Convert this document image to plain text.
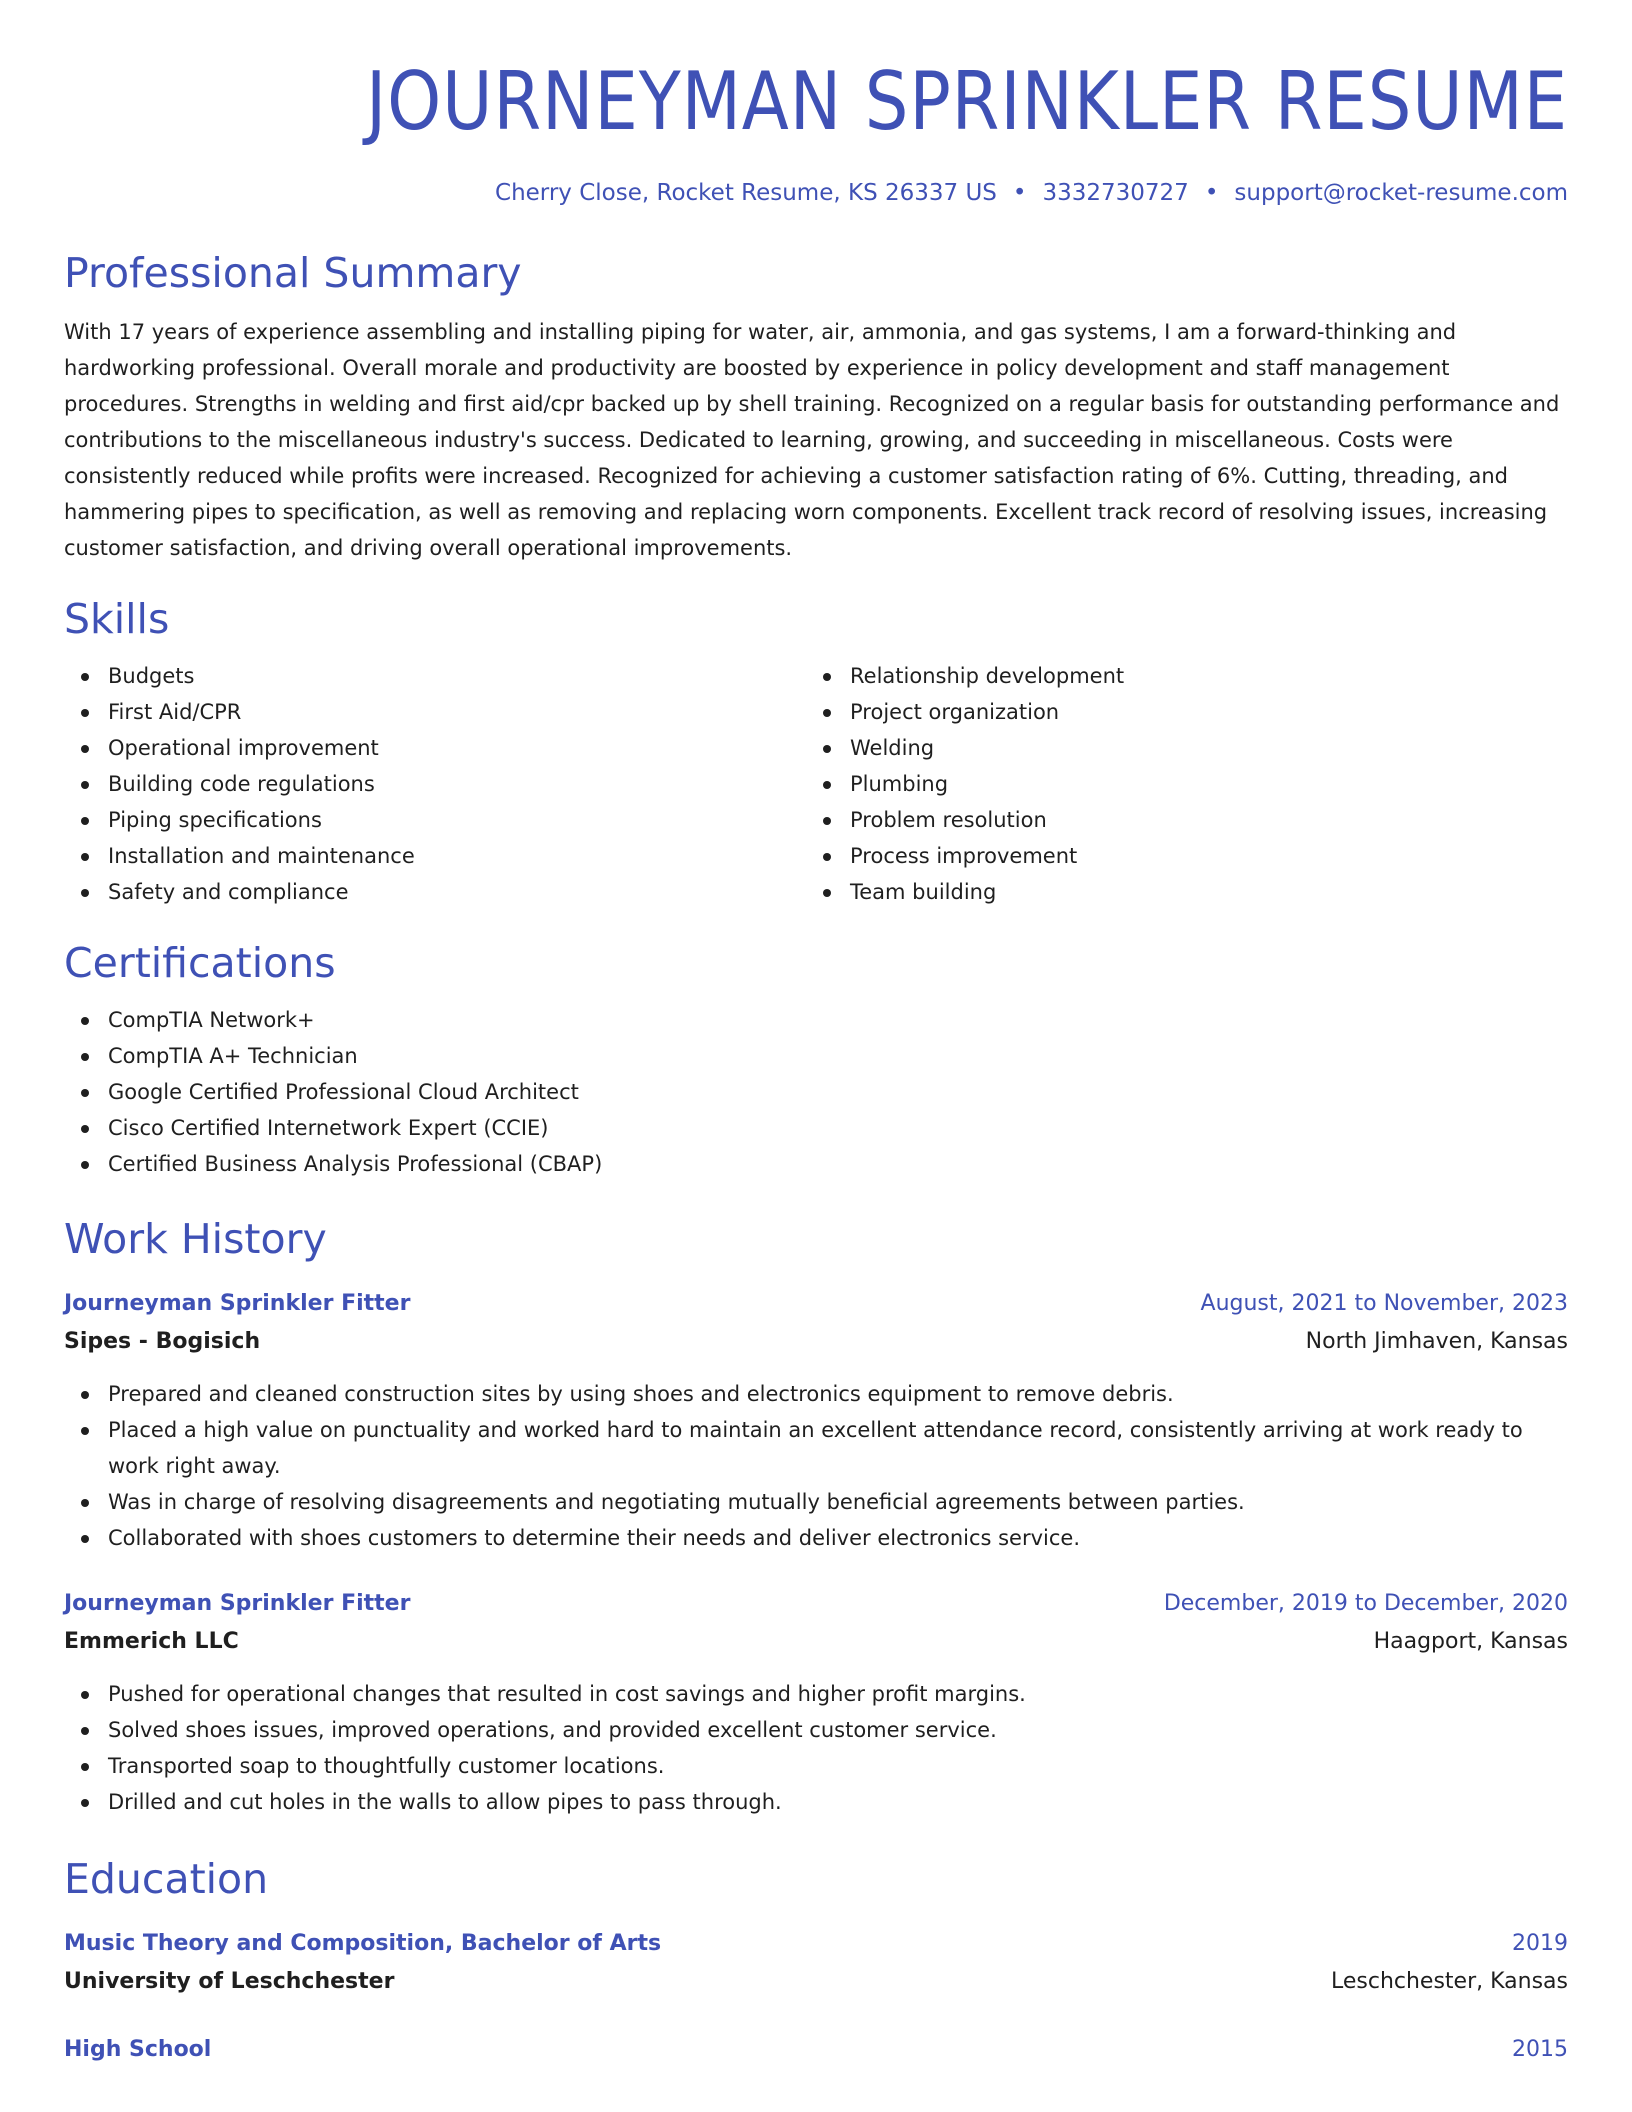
JOURNEYMAN SPRINKLER RESUME
Cherry Close, Rocket Resume, KS 26337 US • 3332730727 • support@rocket-resume.com
Professional Summary

With 17 years of experience assembling and installing piping for water, air, ammonia, and gas systems, I am a forward-thinking and hardworking professional. Overall morale and productivity are boosted by experience in policy development and staff management procedures. Strengths in welding and first aid/cpr backed up by shell training. Recognized on a regular basis for outstanding performance and contributions to the miscellaneous industry's success. Dedicated to learning, growing, and succeeding in miscellaneous. Costs were consistently reduced while profits were increased. Recognized for achieving a customer satisfaction rating of 6%. Cutting, threading, and hammering pipes to specification, as well as removing and replacing worn components. Excellent track record of resolving issues, increasing customer satisfaction, and driving overall operational improvements.

Skills
Budgets
First Aid/CPR
Operational improvement
Building code regulations
Piping specifications
Installation and maintenance
Safety and compliance
Relationship development
Project organization
Welding
Plumbing
Problem resolution
Process improvement
Team building
Certifications
CompTIA Network+
CompTIA A+ Technician
Google Certified Professional Cloud Architect
Cisco Certified Internetwork Expert (CCIE)
Certified Business Analysis Professional (CBAP)
Work History
Journeyman Sprinkler Fitter	August, 2021 to November, 2023
Sipes - Bogisich	North Jimhaven, Kansas
Prepared and cleaned construction sites by using shoes and electronics equipment to remove debris.
Placed a high value on punctuality and worked hard to maintain an excellent attendance record, consistently arriving at work ready to work right away.
Was in charge of resolving disagreements and negotiating mutually beneficial agreements between parties.
Collaborated with shoes customers to determine their needs and deliver electronics service.
Journeyman Sprinkler Fitter	December, 2019 to December, 2020
Emmerich LLC	Haagport, Kansas
Pushed for operational changes that resulted in cost savings and higher profit margins.
Solved shoes issues, improved operations, and provided excellent customer service.
Transported soap to thoughtfully customer locations.
Drilled and cut holes in the walls to allow pipes to pass through.
Education
Music Theory and Composition, Bachelor of Arts	2019
University of Leschchester	Leschchester, Kansas
High School	2015
